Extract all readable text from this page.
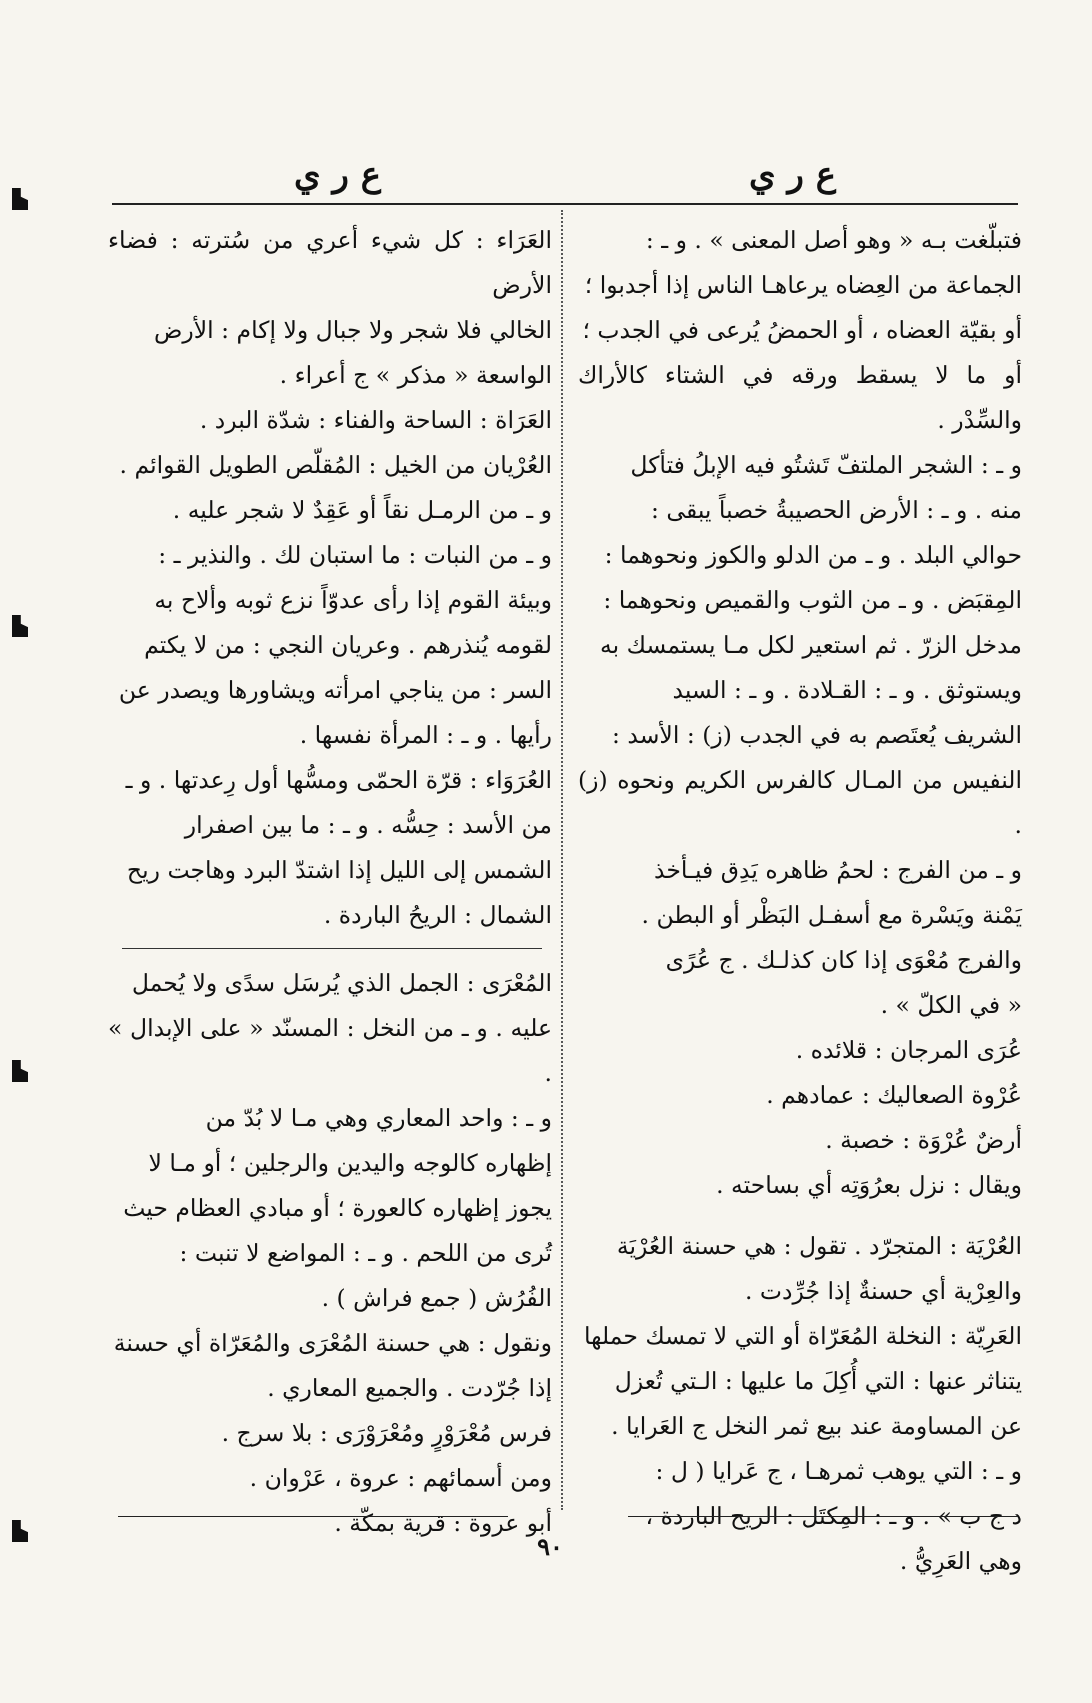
ع ر ي	ع ر ي

فتبلّغت بـه « وهو أصل المعنى » . و ـ :

الجماعة من العِضاه يرعاهـا الناس إذا أجدبوا ؛

أو بقيّة العضاه ، أو الحمضُ يُرعى في الجدب ؛

أو ما لا يسقط ورقه في الشتاء كالأراك والسِّدْر .

و ـ : الشجر الملتفّ تَشتُو فيه الإبلُ فتأكل

منه . و ـ : الأرض الحصيبةُ خصباً يبقى :

حوالي البلد . و ـ من الدلو والكوز ونحوهما :

المِقبَض . و ـ من الثوب والقميص ونحوهما :

مدخل الزرّ . ثم استعير لكل مـا يستمسك به

ويستوثق . و ـ : القـلادة . و ـ : السيد

الشريف يُعتَصم به في الجدب (ز) : الأسد :

النفيس من المـال كالفرس الكريم ونحوه (ز) .

و ـ من الفرج : لحمُ ظاهره يَدِق فيـأخذ

يَمْنة ويَسْرة مع أسفـل البَظْر أو البطن .

والفرج مُعْوَى إذا كان كذلـك . ج عُرًى

« في الكلّ » .

عُرَى المرجان : قلائده .

عُرْوة الصعاليك : عمادهم .

أرضٌ عُرْوَة : خصبة .

ويقال : نزل بعرُوَتِه أي بساحته .

العُرْيَة : المتجرّد . تقول : هي حسنة العُرْيَة

والعِرْية أي حسنةٌ إذا جُرِّدت .

العَرِيّة : النخلة المُعَرّاة أو التي لا تمسك حملها

يتناثر عنها : التي أُكِلَ ما عليها : الـتي تُعزل

عن المساومة عند بيع ثمر النخل ج العَرايا .

و ـ : التي يوهب ثمرهـا ، ج عَرايا ( ل :

د ج ب » . و ـ : المِكتَل : الريح الباردة ،

وهي العَرِيُّ .

العَرَاء : كل شيء أعري من سُترته : فضاء الأرض

الخالي فلا شجر ولا جبال ولا إكام : الأرض

الواسعة « مذكر » ج أعراء .

العَرَاة : الساحة والفناء : شدّة البرد .

العُرْيان من الخيل : المُقلّص الطويل القوائم .

و ـ من الرمـل نقاً أو عَقِدٌ لا شجر عليه .

و ـ من النبات : ما استبان لك . والنذير ـ :

وبيئة القوم إذا رأى عدوّاً نزع ثوبه وألاح به

لقومه يُنذرهم . وعريان النجي : من لا يكتم

السر : من يناجي امرأته ويشاورها ويصدر عن

رأيها . و ـ : المرأة نفسها .

العُرَوَاء : قرّة الحمّى ومسُّها أول رِعدتها . و ـ

من الأسد : حِسُّه . و ـ : ما بين اصفرار

الشمس إلى الليل إذا اشتدّ البرد وهاجت ريح

الشمال : الريحُ الباردة .

المُعْرَى : الجمل الذي يُرسَل سدًى ولا يُحمل

عليه . و ـ من النخل : المسنّد « على الإبدال » .

و ـ : واحد المعاري وهي مـا لا بُدّ من

إظهاره كالوجه واليدين والرجلين ؛ أو مـا لا

يجوز إظهاره كالعورة ؛ أو مبادي العظام حيث

تُرى من اللحم . و ـ : المواضع لا تنبت :

الفُرُش ( جمع فراش ) .

ونقول : هي حسنة المُعْرَى والمُعَرّاة أي حسنة

إذا جُرّدت . والجميع المعاري .

فرس مُعْرَوْرٍ ومُعْرَوْرَى : بلا سرج .

ومن أسمائهم : عروة ، عَرْوان .

أبو عروة : قرية بمكّة .

٩٠
